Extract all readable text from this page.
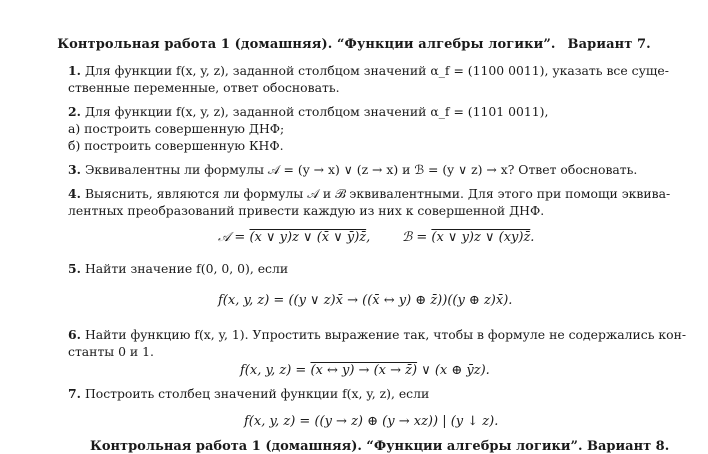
Контрольная работа 1 (домашняя). “Функции алгебры логики”. Вариант 7.
1. Для функции f(x, y, z), заданной столбцом значений α_f = (1100 0011), указать все суще-
ственные переменные, ответ обосновать.
2. Для функции f(x, y, z), заданной столбцом значений α_f = (1101 0011),
а) построить совершенную ДНФ;
б) построить совершенную КНФ.
3. Эквивалентны ли формулы 𝒜 = (y → x) ∨ (z → x) и ℬ = (y ∨ z) → x? Ответ обосновать.
4. Выяснить, являются ли формулы 𝒜 и ℬ эквивалентными. Для этого при помощи эквива-
лентных преобразований привести каждую из них к совершенной ДНФ.
𝒜 = (x ∨ y)z ∨ (x̄ ∨ ȳ)z̄, ℬ = (x ∨ y)z ∨ (xy)z̄.
5. Найти значение f(0, 0, 0), если
f(x, y, z) = ((y ∨ z)x̄ → ((x̄ ↔ y) ⊕ z̄))((y ⊕ z)x̄).
6. Найти функцию f(x, y, 1). Упростить выражение так, чтобы в формуле не содержались кон-
станты 0 и 1.
f(x, y, z) = (x ↔ y) → (x → z̄) ∨ (x ⊕ ȳz).
7. Построить столбец значений функции f(x, y, z), если
f(x, y, z) = ((y → z) ⊕ (y → xz)) | (y ↓ z).
Контрольная работа 1 (домашняя). “Функции алгебры логики”. Вариант 8.
